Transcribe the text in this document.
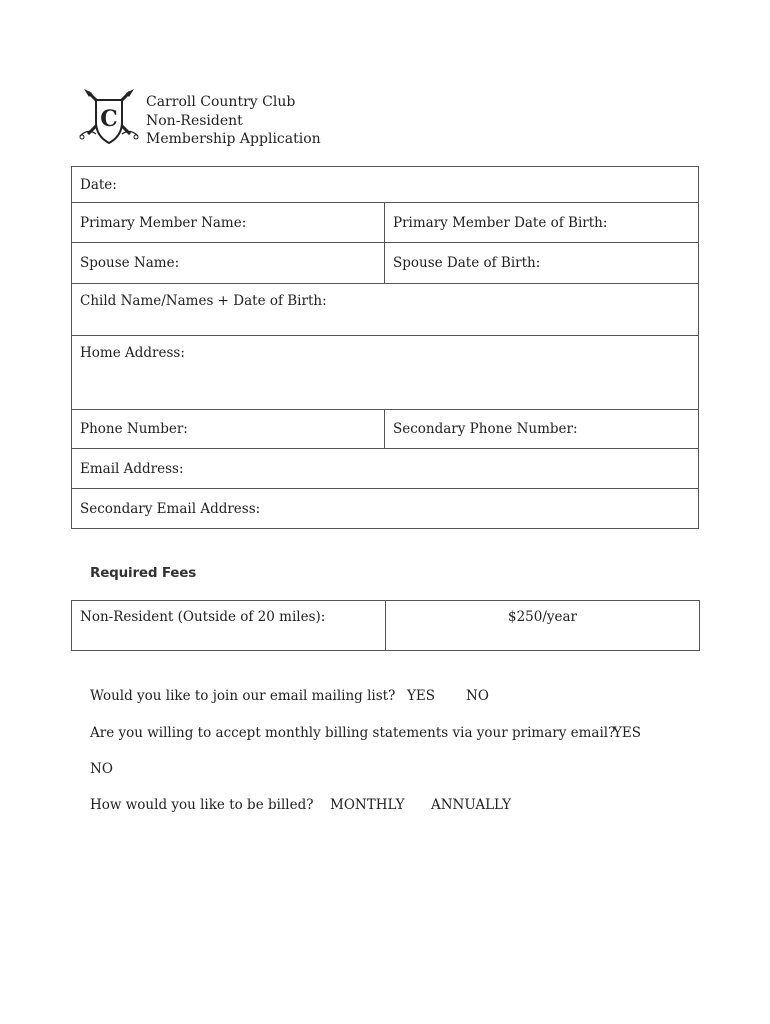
C
Carroll Country Club
Non-Resident
Membership Application
Date:	
Primary Member Name:	Primary Member Date of Birth:
Spouse Name:	Spouse Date of Birth:
Child Name/Names + Date of Birth:	
Home Address:	
Phone Number:	Secondary Phone Number:
Email Address:	
Secondary Email Address:	
Required Fees
Non-Resident (Outside of 20 miles):	$250/year
Would you like to join our email mailing list? YES NO
Are you willing to accept monthly billing statements via your primary email?
YES
NO
How would you like to be billed? MONTHLY ANNUALLY
